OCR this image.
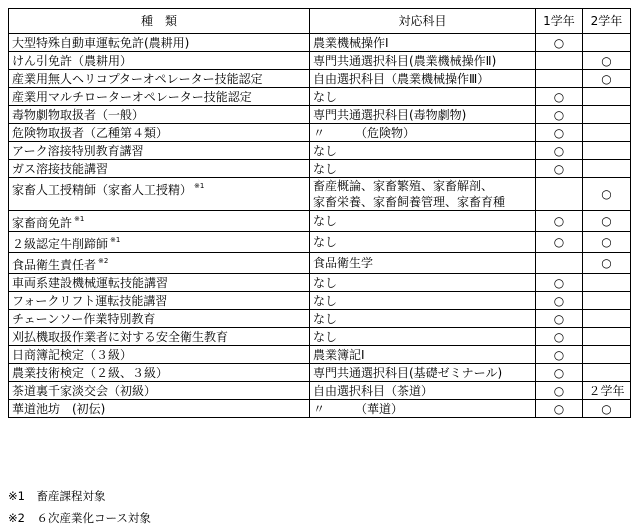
種　類	対応科目	1学年	2学年
大型特殊自動車運転免許(農耕用)	農業機械操作Ⅰ	○	
けん引免許（農耕用）	専門共通選択科目(農業機械操作Ⅱ)		○
産業用無人ヘリコプターオペレーター技能認定	自由選択科目（農業機械操作Ⅲ）		○
産業用マルチローターオペレーター技能認定	なし	○	
毒物劇物取扱者（一般）	専門共通選択科目(毒物劇物)	○	
危険物取扱者（乙種第４類）	〃　　　（危険物）	○	
アーク溶接特別教育講習	なし	○	
ガス溶接技能講習	なし	○	
家畜人工授精師（家畜人工授精） $^{※1}$	畜産概論、家畜繁殖、家畜解剖、
家畜栄養、家畜飼養管理、家畜育種		○
家畜商免許 $^{※1}$	なし	○	○
２級認定牛削蹄師 $^{※1}$	なし	○	○
食品衛生責任者 $^{※2}$	食品衛生学		○
車両系建設機械運転技能講習	なし	○	
フォークリフト運転技能講習	なし	○	
チェーンソー作業特別教育	なし	○	
刈払機取扱作業者に対する安全衛生教育	なし	○	
日商簿記検定（３級）	農業簿記Ⅰ	○	
農業技術検定（２級、３級）	専門共通選択科目(基礎ゼミナール)	○	
茶道裏千家淡交会（初級）	自由選択科目（茶道）	○	２学年
華道池坊　(初伝)	〃　　　（華道）	○	○
※1　畜産課程対象
※2　６次産業化コース対象
